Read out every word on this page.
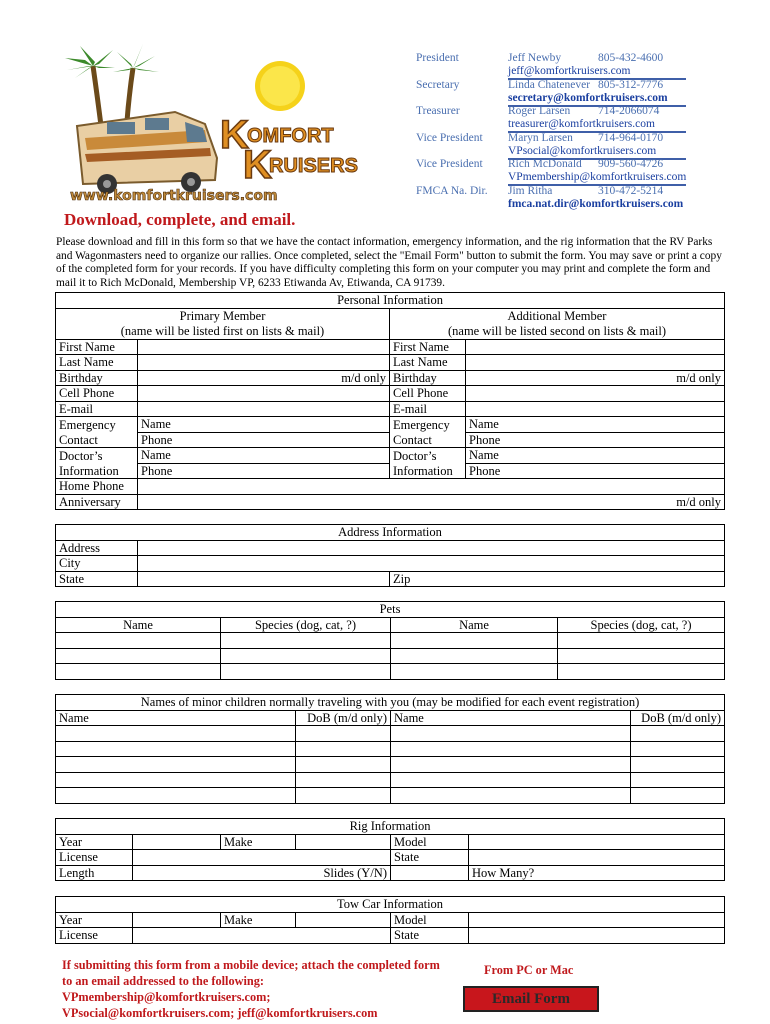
K
OMFORT
K
RUISERS
www.komfortkruisers.com
President	Jeff Newby	805-432-4600
jeff@komfortkruisers.com
Secretary	Linda Chatenever 805-312-7776
secretary@komfortkruisers.com
Treasurer	Roger Larsen 714-2066074
treasurer@komfortkruisers.com
Vice President Maryn Larsen 714-964-0170
VPsocial@komfortkruisers.com
Vice President Rich McDonald 909-560-4726
VPmembership@komfortkruisers.com
FMCA Na. Dir. Jim Ritha	310-472-5214
fmca.nat.dir@komfortkruisers.com
Download, complete, and email.
Please download and fill in this form so that we have the contact information, emergency information, and the rig information that the RV Parks and Wagonmasters need to organize our rallies. Once completed, select the "Email Form" button to submit the form. You may save or print a copy of the completed form for your records. If you have difficulty completing this form on your computer you may print and complete the form and mail it to Rich McDonald, Membership VP, 6233 Etiwanda Av, Etiwanda, CA 91739.
Personal Information			
Primary Member		Additional Member	
(name will be listed first on lists & mail)		(name will be listed second on lists & mail)	
First Name		First Name	
Last Name		Last Name	
Birthday	m/d only	Birthday	m/d only
Cell Phone		Cell Phone	
E-mail		E-mail	
Emergency	Name	Emergency	Name
Contact	Phone	Contact	Phone
Doctor’s	Name	Doctor’s	Name
Information	Phone	Information	Phone
Home Phone			
Anniversary	m/d only		
Address Information		
Address		
City		
State		Zip
Pets			
Name	Species (dog, cat, ?)	Name	Species (dog, cat, ?)

Names of minor children normally traveling with you (may be modified for each event registration)			
Name	DoB (m/d only)	Name	DoB (m/d only)

Rig Information					
Year		Make		Model	
License				State	
Length	Slides (Y/N)				How Many?
Tow Car Information					
Year		Make		Model	
License				State	
If submitting this form from a mobile device; attach the completed form to an email addressed to the following: VPmembership@komfortkruisers.com; VPsocial@komfortkruisers.com; jeff@komfortkruisers.com
From PC or Mac
Email Form
